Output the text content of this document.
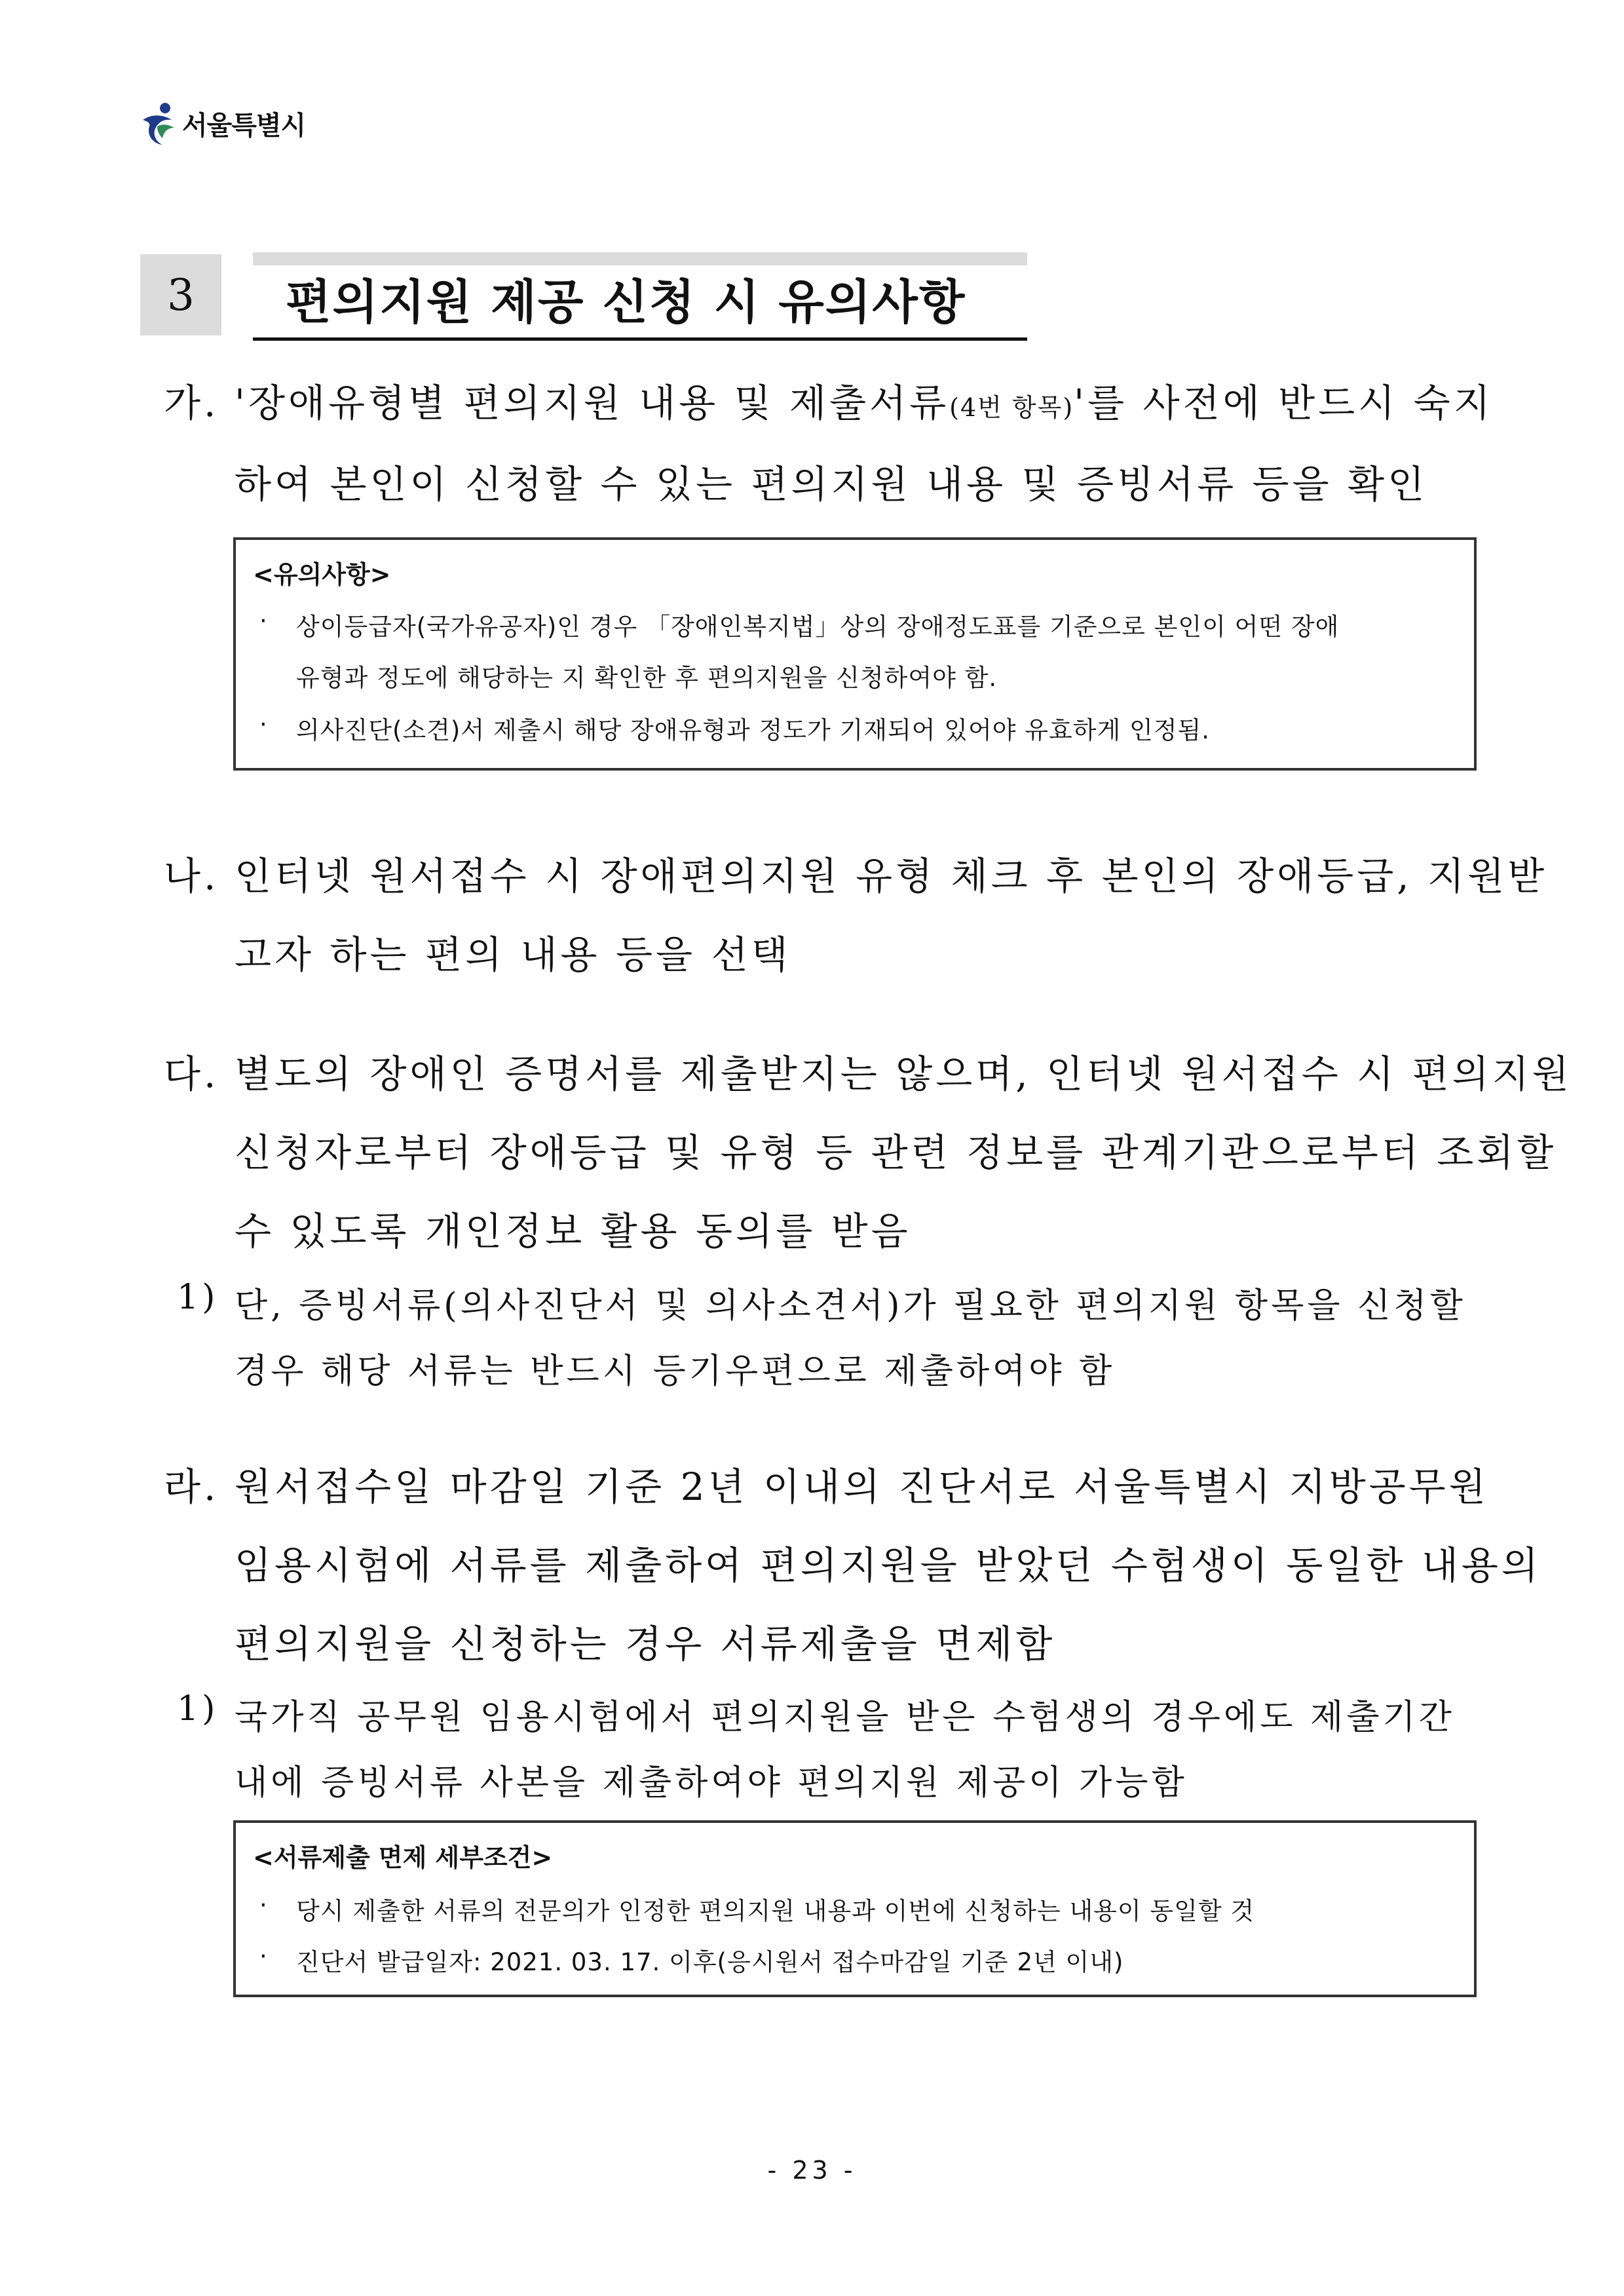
서울특별시
3	편의지원 제공 신청 시 유의사항
가. '장애유형별 편의지원 내용 및 제출서류(4번 항목)'를 사전에 반드시 숙지
하여 본인이 신청할 수 있는 편의지원 내용 및 증빙서류 등을 확인
<유의사항>
· 상이등급자(국가유공자)인 경우 「장애인복지법」상의 장애정도표를 기준으로 본인이 어떤 장애
유형과 정도에 해당하는 지 확인한 후 편의지원을 신청하여야 함.
· 의사진단(소견)서 제출시 해당 장애유형과 정도가 기재되어 있어야 유효하게 인정됨.
나. 인터넷 원서접수 시 장애편의지원 유형 체크 후 본인의 장애등급, 지원받
고자 하는 편의 내용 등을 선택
다. 별도의 장애인 증명서를 제출받지는 않으며, 인터넷 원서접수 시 편의지원
신청자로부터 장애등급 및 유형 등 관련 정보를 관계기관으로부터 조회할
수 있도록 개인정보 활용 동의를 받음
1) 단, 증빙서류(의사진단서 및 의사소견서)가 필요한 편의지원 항목을 신청할
경우 해당 서류는 반드시 등기우편으로 제출하여야 함
라. 원서접수일 마감일 기준 2년 이내의 진단서로 서울특별시 지방공무원
임용시험에 서류를 제출하여 편의지원을 받았던 수험생이 동일한 내용의
편의지원을 신청하는 경우 서류제출을 면제함
1) 국가직 공무원 임용시험에서 편의지원을 받은 수험생의 경우에도 제출기간
내에 증빙서류 사본을 제출하여야 편의지원 제공이 가능함
<서류제출 면제 세부조건>
· 당시 제출한 서류의 전문의가 인정한 편의지원 내용과 이번에 신청하는 내용이 동일할 것
· 진단서 발급일자: 2021. 03. 17. 이후(응시원서 접수마감일 기준 2년 이내)
- 23 -
